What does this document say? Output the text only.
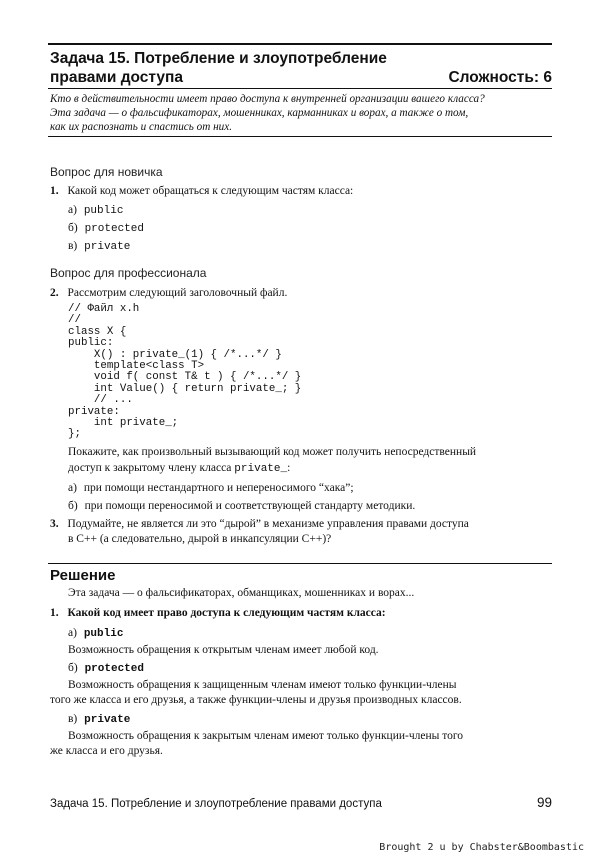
Задача 15. Потребление и злоупотребление
правами доступа	Сложность: 6
Кто в действительности имеет право доступа к внутренней организации вашего класса?
Эта задача — о фальсификаторах, мошенниках, карманниках и ворах, а также о том,
как их распознать и спастись от них.
Вопрос для новичка
1. Какой код может обращаться к следующим частям класса:
а) public
б) protected
в) private
Вопрос для профессионала
2. Рассмотрим следующий заголовочный файл.
// Файл x.h
//
class X {
public:
X() : private_(1) { /*...*/ }
template<class T>
void f( const T& t ) { /*...*/ }
int Value() { return private_; }
// ...
private:
int private_;
};
Покажите, как произвольный вызывающий код может получить непосредственный
доступ к закрытому члену класса private_:
а) при помощи нестандартного и непереносимого “хака”;
б) при помощи переносимой и соответствующей стандарту методики.
3. Подумайте, не является ли это “дырой” в механизме управления правами доступа
в C++ (а следовательно, дырой в инкапсуляции C++)?
Решение
Эта задача — о фальсификаторах, обманщиках, мошенниках и ворах...
1. Какой код имеет право доступа к следующим частям класса:
а) public
Возможность обращения к открытым членам имеет любой код.
б) protected
Возможность обращения к защищенным членам имеют только функции-члены
того же класса и его друзья, а также функции-члены и друзья производных классов.
в) private
Возможность обращения к закрытым членам имеют только функции-члены того
же класса и его друзья.
Задача 15. Потребление и злоупотребление правами доступа	99
Brought 2 u by Chabster&Boombastic
